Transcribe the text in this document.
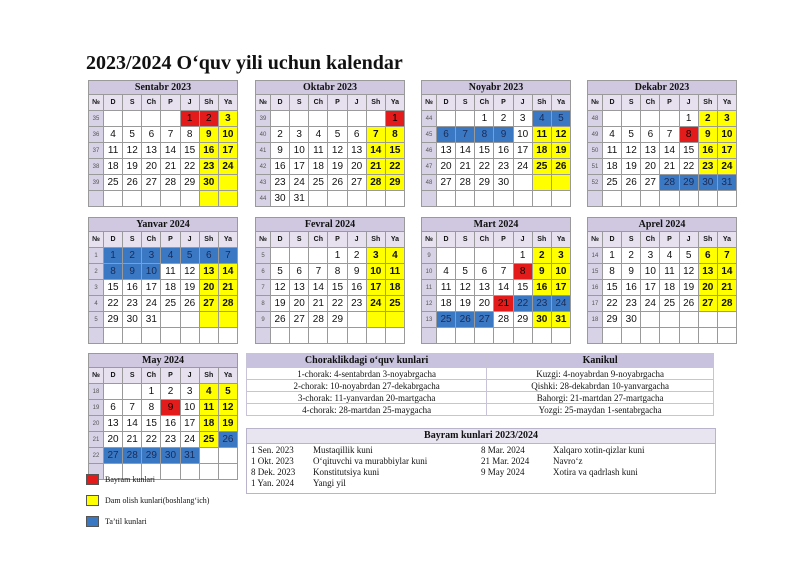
2023/2024 O‘quv yili uchun kalendar
Sentabr 2023							
№	D	S	Ch	P	J	Sh	Ya
35					1	2	3
36	4	5	6	7	8	9	10
37	11	12	13	14	15	16	17
38	18	19	20	21	22	23	24
39	25	26	27	28	29	30	

Oktabr 2023							
№	D	S	Ch	P	J	Sh	Ya
39							1
40	2	3	4	5	6	7	8
41	9	10	11	12	13	14	15
42	16	17	18	19	20	21	22
43	23	24	25	26	27	28	29
44	30	31					
Noyabr 2023							
№	D	S	Ch	P	J	Sh	Ya
44			1	2	3	4	5
45	6	7	8	9	10	11	12
46	13	14	15	16	17	18	19
47	20	21	22	23	24	25	26
48	27	28	29	30			

Dekabr 2023							
№	D	S	Ch	P	J	Sh	Ya
48					1	2	3
49	4	5	6	7	8	9	10
50	11	12	13	14	15	16	17
51	18	19	20	21	22	23	24
52	25	26	27	28	29	30	31

Yanvar 2024							
№	D	S	Ch	P	J	Sh	Ya
1	1	2	3	4	5	6	7
2	8	9	10	11	12	13	14
3	15	16	17	18	19	20	21
4	22	23	24	25	26	27	28
5	29	30	31				

Fevral 2024							
№	D	S	Ch	P	J	Sh	Ya
5				1	2	3	4
6	5	6	7	8	9	10	11
7	12	13	14	15	16	17	18
8	19	20	21	22	23	24	25
9	26	27	28	29			

Mart 2024							
№	D	S	Ch	P	J	Sh	Ya
9					1	2	3
10	4	5	6	7	8	9	10
11	11	12	13	14	15	16	17
12	18	19	20	21	22	23	24
13	25	26	27	28	29	30	31

Aprel 2024							
№	D	S	Ch	P	J	Sh	Ya
14	1	2	3	4	5	6	7
15	8	9	10	11	12	13	14
16	15	16	17	18	19	20	21
17	22	23	24	25	26	27	28
18	29	30					

May 2024							
№	D	S	Ch	P	J	Sh	Ya
18			1	2	3	4	5
19	6	7	8	9	10	11	12
20	13	14	15	16	17	18	19
21	20	21	22	23	24	25	26
22	27	28	29	30	31		

Choraklikdagi o‘quv kunlari	Kanikul
1-chorak: 4-sentabrdan 3-noyabrgacha	Kuzgi: 4-noyabrdan 9-noyabrgacha
2-chorak: 10-noyabrdan 27-dekabrgacha	Qishki: 28-dekabrdan 10-yanvargacha
3-chorak: 11-yanvardan 20-martgacha	Bahorgi: 21-martdan 27-martgacha
4-chorak: 28-martdan 25-maygacha	Yozgi: 25-maydan 1-sentabrgacha
Bayram kunlari 2023/2024
1 Sen. 2023	Mustaqillik kuni
1 Okt. 2023	O‘qituvchi va murabbiylar kuni
8 Dek. 2023	Konstitutsiya kuni
1 Yan. 2024	Yangi yil
8 Mar. 2024	Xalqaro xotin-qizlar kuni
21 Mar. 2024	Navro‘z
9 May 2024	Xotira va qadrlash kuni
Bayram kunlari
Dam olish kunlari(boshlang‘ich)
Ta’til kunlari
